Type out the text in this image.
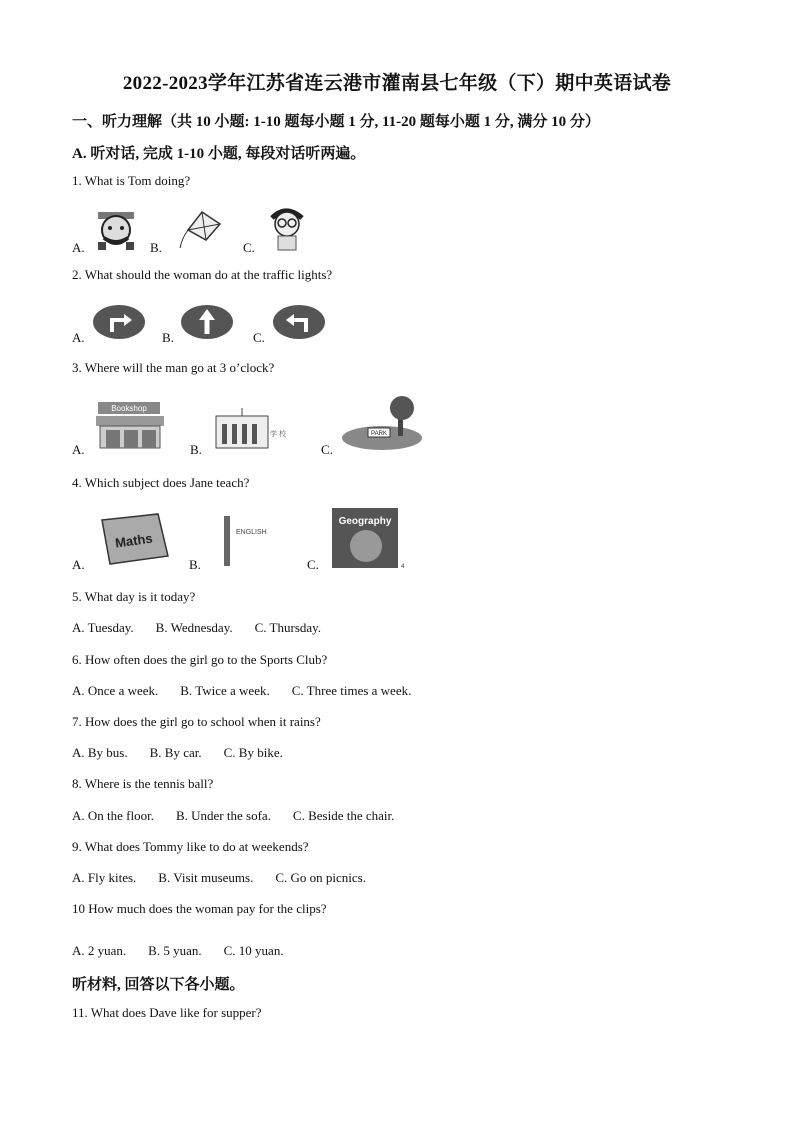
2022-2023学年江苏省连云港市灌南县七年级（下）期中英语试卷
一、听力理解（共 10 小题: 1-10 题每小题 1 分, 11-20 题每小题 1 分, 满分 10 分）
A. 听对话, 完成 1-10 小题, 每段对话听两遍。
1. What is Tom doing?
A.	B.	C.
2. What should the woman do at the traffic lights?
A.	B.	C.
3. Where will the man go at 3 o’clock?
A.
Bookshop
B.
学 校
C.
PARK
4. Which subject does Jane teach?
A.
Maths
B.
ENGLISH
C.
Geography
4
5. What day is it today?
A. Tuesday. B. Wednesday. C. Thursday.
6. How often does the girl go to the Sports Club?
A. Once a week. B. Twice a week. C. Three times a week.
7. How does the girl go to school when it rains?
A. By bus. B. By car. C. By bike.
8. Where is the tennis ball?
A. On the floor. B. Under the sofa. C. Beside the chair.
9. What does Tommy like to do at weekends?
A. Fly kites. B. Visit museums. C. Go on picnics.
10 How much does the woman pay for the clips?
A. 2 yuan. B. 5 yuan. C. 10 yuan.
听材料, 回答以下各小题。
11. What does Dave like for supper?
